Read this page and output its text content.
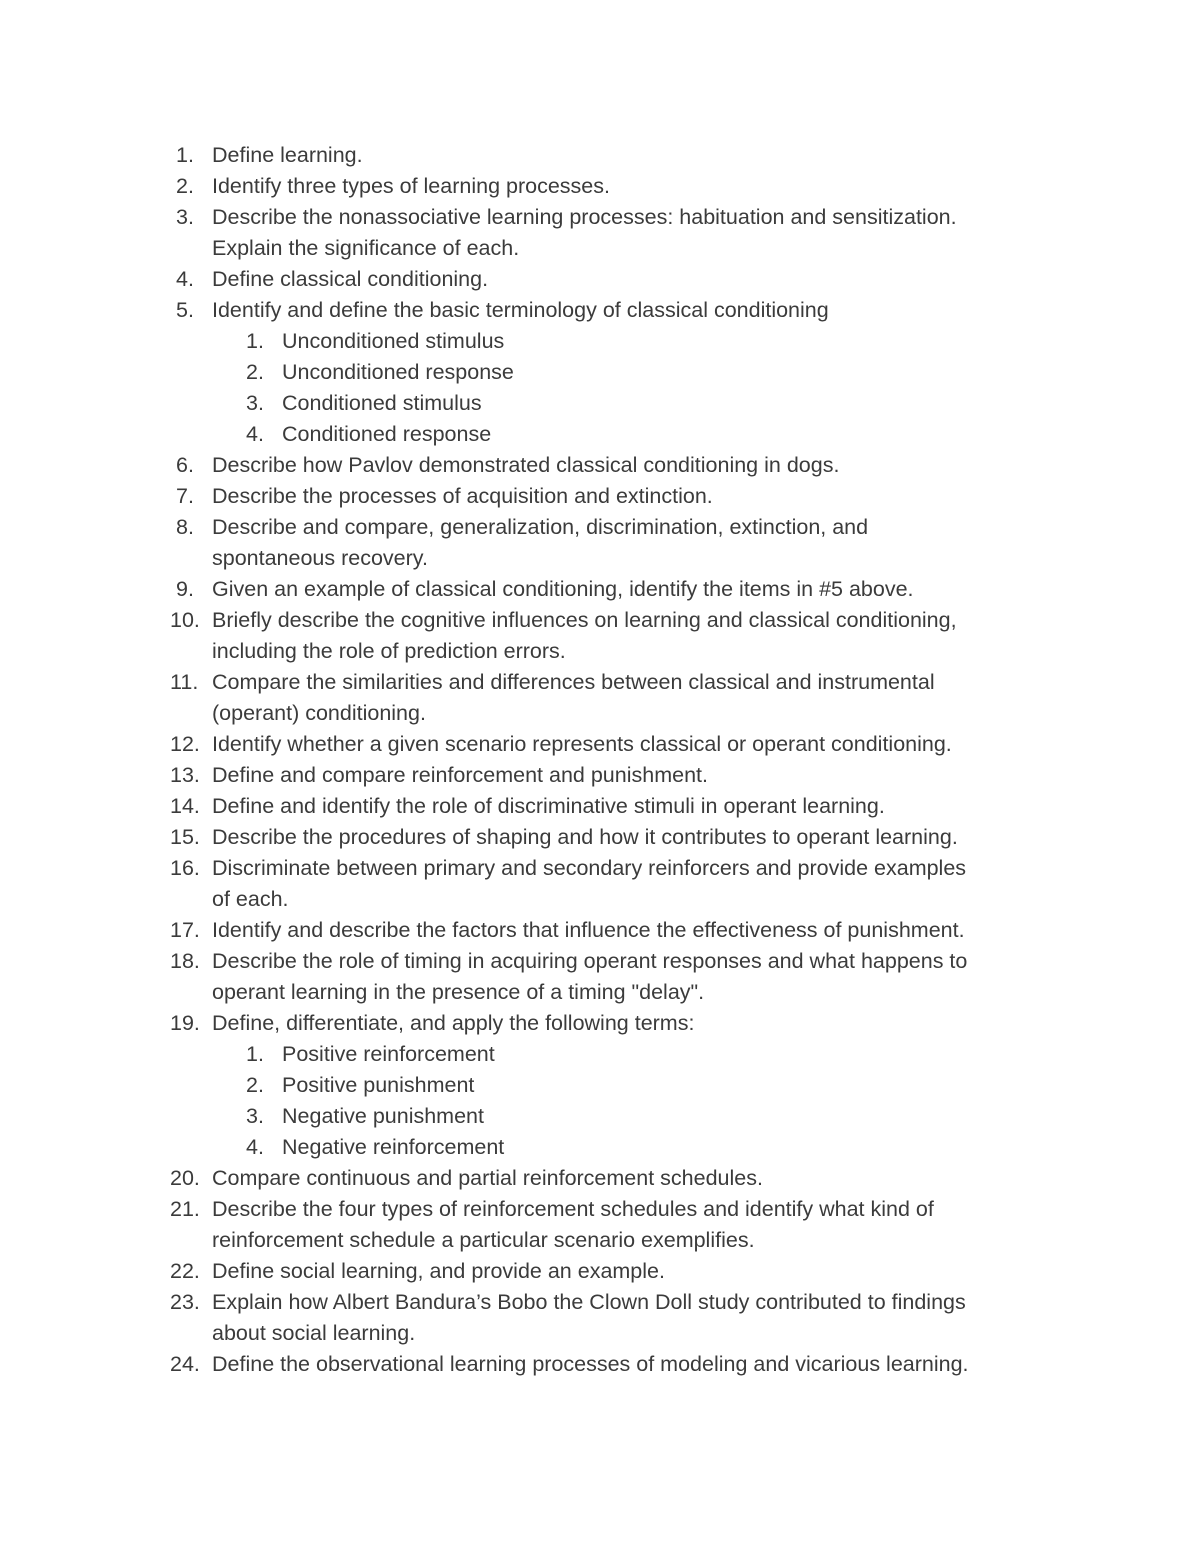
1. Define learning.
2. Identify three types of learning processes.
3. Describe the nonassociative learning processes: habituation and sensitization.
Explain the significance of each.
4. Define classical conditioning.
5. Identify and define the basic terminology of classical conditioning
1. Unconditioned stimulus
2. Unconditioned response
3. Conditioned stimulus
4. Conditioned response
6. Describe how Pavlov demonstrated classical conditioning in dogs.
7. Describe the processes of acquisition and extinction.
8. Describe and compare, generalization, discrimination, extinction, and
spontaneous recovery.
9. Given an example of classical conditioning, identify the items in #5 above.
10. Briefly describe the cognitive influences on learning and classical conditioning,
including the role of prediction errors.
11. Compare the similarities and differences between classical and instrumental
(operant) conditioning.
12. Identify whether a given scenario represents classical or operant conditioning.
13. Define and compare reinforcement and punishment.
14. Define and identify the role of discriminative stimuli in operant learning.
15. Describe the procedures of shaping and how it contributes to operant learning.
16. Discriminate between primary and secondary reinforcers and provide examples
of each.
17. Identify and describe the factors that influence the effectiveness of punishment.
18. Describe the role of timing in acquiring operant responses and what happens to
operant learning in the presence of a timing "delay".
19. Define, differentiate, and apply the following terms:
1. Positive reinforcement
2. Positive punishment
3. Negative punishment
4. Negative reinforcement
20. Compare continuous and partial reinforcement schedules.
21. Describe the four types of reinforcement schedules and identify what kind of
reinforcement schedule a particular scenario exemplifies.
22. Define social learning, and provide an example.
23. Explain how Albert Bandura’s Bobo the Clown Doll study contributed to findings
about social learning.
24. Define the observational learning processes of modeling and vicarious learning.
